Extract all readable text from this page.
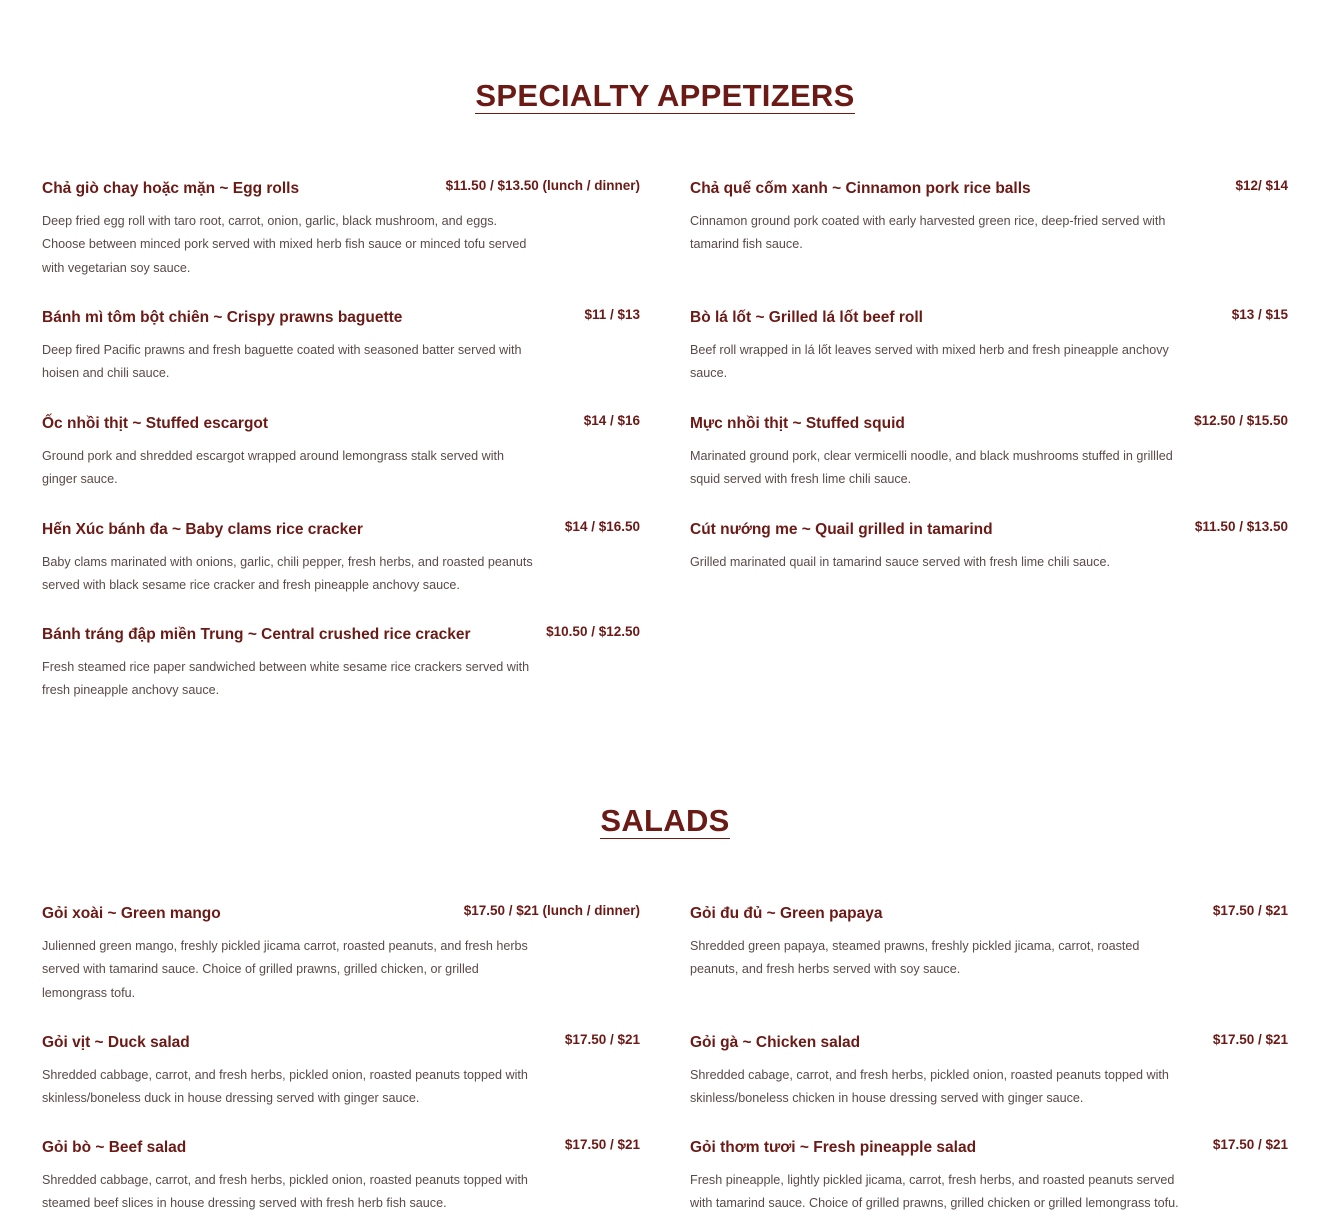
SPECIALTY APPETIZERS
Chả giò chay hoặc mặn ~ Egg rolls	$11.50 / $13.50 (lunch / dinner)
Deep fried egg roll with taro root, carrot, onion, garlic, black mushroom, and eggs. Choose between minced pork served with mixed herb fish sauce or minced tofu served with vegetarian soy sauce.
Chả quế cốm xanh ~ Cinnamon pork rice balls	$12/ $14
Cinnamon ground pork coated with early harvested green rice, deep-fried served with tamarind fish sauce.
Bánh mì tôm bột chiên ~ Crispy prawns baguette	$11 / $13
Deep fired Pacific prawns and fresh baguette coated with seasoned batter served with hoisen and chili sauce.
Bò lá lốt ~ Grilled lá lốt beef roll	$13 / $15
Beef roll wrapped in lá lốt leaves served with mixed herb and fresh pineapple anchovy sauce.
Ốc nhồi thịt ~ Stuffed escargot	$14 / $16
Ground pork and shredded escargot wrapped around lemongrass stalk served with ginger sauce.
Mực nhồi thịt ~ Stuffed squid	$12.50 / $15.50
Marinated ground pork, clear vermicelli noodle, and black mushrooms stuffed in grillled squid served with fresh lime chili sauce.
Hến Xúc bánh đa ~ Baby clams rice cracker	$14 / $16.50
Baby clams marinated with onions, garlic, chili pepper, fresh herbs, and roasted peanuts served with black sesame rice cracker and fresh pineapple anchovy sauce.
Cút nướng me ~ Quail grilled in tamarind	$11.50 / $13.50
Grilled marinated quail in tamarind sauce served with fresh lime chili sauce.
Bánh tráng đập miền Trung ~ Central crushed rice cracker	$10.50 / $12.50
Fresh steamed rice paper sandwiched between white sesame rice crackers served with fresh pineapple anchovy sauce.
SALADS
Gỏi xoài ~ Green mango	$17.50 / $21 (lunch / dinner)
Julienned green mango, freshly pickled jicama carrot, roasted peanuts, and fresh herbs served with tamarind sauce. Choice of grilled prawns, grilled chicken, or grilled lemongrass tofu.
Gỏi đu đủ ~ Green papaya	$17.50 / $21
Shredded green papaya, steamed prawns, freshly pickled jicama, carrot, roasted peanuts, and fresh herbs served with soy sauce.
Gỏi vịt ~ Duck salad	$17.50 / $21
Shredded cabbage, carrot, and fresh herbs, pickled onion, roasted peanuts topped with skinless/boneless duck in house dressing served with ginger sauce.
Gỏi gà ~ Chicken salad	$17.50 / $21
Shredded cabage, carrot, and fresh herbs, pickled onion, roasted peanuts topped with skinless/boneless chicken in house dressing served with ginger sauce.
Gỏi bò ~ Beef salad	$17.50 / $21
Shredded cabbage, carrot, and fresh herbs, pickled onion, roasted peanuts topped with steamed beef slices in house dressing served with fresh herb fish sauce.
Gỏi thơm tươi ~ Fresh pineapple salad	$17.50 / $21
Fresh pineapple, lightly pickled jicama, carrot, fresh herbs, and roasted peanuts served with tamarind sauce. Choice of grilled prawns, grilled chicken or grilled lemongrass tofu.
